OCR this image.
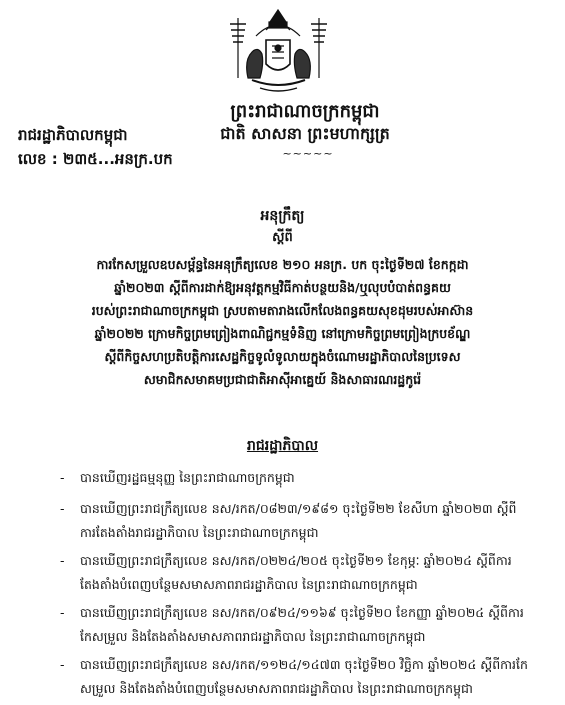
ព្រះរាជាណាចក្រកម្ពុជា
ជាតិ សាសនា ព្រះមហាក្សត្រ
~~~~~
រាជរដ្ឋាភិបាលកម្ពុជា
លេខ : ២៣៥...អនក្រ.បក
អនុក្រឹត្យ
ស្ដីពី
ការកែសម្រួលឧបសម្ព័ន្ធនៃអនុក្រឹត្យលេខ ២១០ អនក្រ. បក ចុះថ្ងៃទី២៧ ខែកក្កដា
ឆ្នាំ២០២៣ ស្ដីពីការដាក់ឱ្យអនុវត្តកម្មវិធីកាត់បន្ថយនិង/ឬលុបបំបាត់ពន្ធគយ
របស់ព្រះរាជាណាចក្រកម្ពុជា ស្របតាមតារាងលើកលែងពន្ធគយសុខដុមរបស់អាស៊ាន
ឆ្នាំ២០២២ ក្រោមកិច្ចព្រមព្រៀងពាណិជ្ជកម្មទំនិញ នៅក្រោមកិច្ចព្រមព្រៀងក្របខ័ណ្ឌ
ស្ដីពីកិច្ចសហប្រតិបត្តិការសេដ្ឋកិច្ចទូលំទូលាយក្នុងចំណោមរដ្ឋាភិបាលនៃប្រទេស
សមាជិកសមាគមប្រជាជាតិអាស៊ីអាគ្នេយ៍ និងសាធារណរដ្ឋកូរ៉េ
រាជរដ្ឋាភិបាល
- បានឃើញរដ្ឋធម្មនុញ្ញ នៃព្រះរាជាណាចក្រកម្ពុជា
- បានឃើញព្រះរាជក្រឹត្យលេខ នស/រកត/០៨២៣/១៩៨១ ចុះថ្ងៃទី២២ ខែសីហា ឆ្នាំ២០២៣ ស្ដីពី
ការតែងតាំងរាជរដ្ឋាភិបាល នៃព្រះរាជាណាចក្រកម្ពុជា
- បានឃើញព្រះរាជក្រឹត្យលេខ នស/រកត/០២២៤/២០៥ ចុះថ្ងៃទី២១ ខែកុម្ភៈ ឆ្នាំ២០២៤ ស្ដីពីការ
តែងតាំងបំពេញបន្ថែមសមាសភាពរាជរដ្ឋាភិបាល នៃព្រះរាជាណាចក្រកម្ពុជា
- បានឃើញព្រះរាជក្រឹត្យលេខ នស/រកត/០៩២៤/១១៦៩ ចុះថ្ងៃទី២០ ខែកញ្ញា ឆ្នាំ២០២៤ ស្ដីពីការ
កែសម្រួល និងតែងតាំងសមាសភាពរាជរដ្ឋាភិបាល នៃព្រះរាជាណាចក្រកម្ពុជា
- បានឃើញព្រះរាជក្រឹត្យលេខ នស/រកត/១១២៤/១៤៧៣ ចុះថ្ងៃទី២០ វិច្ឆិកា ឆ្នាំ២០២៤ ស្ដីពីការកែ
សម្រួល និងតែងតាំងបំពេញបន្ថែមសមាសភាពរាជរដ្ឋាភិបាល នៃព្រះរាជាណាចក្រកម្ពុជា
